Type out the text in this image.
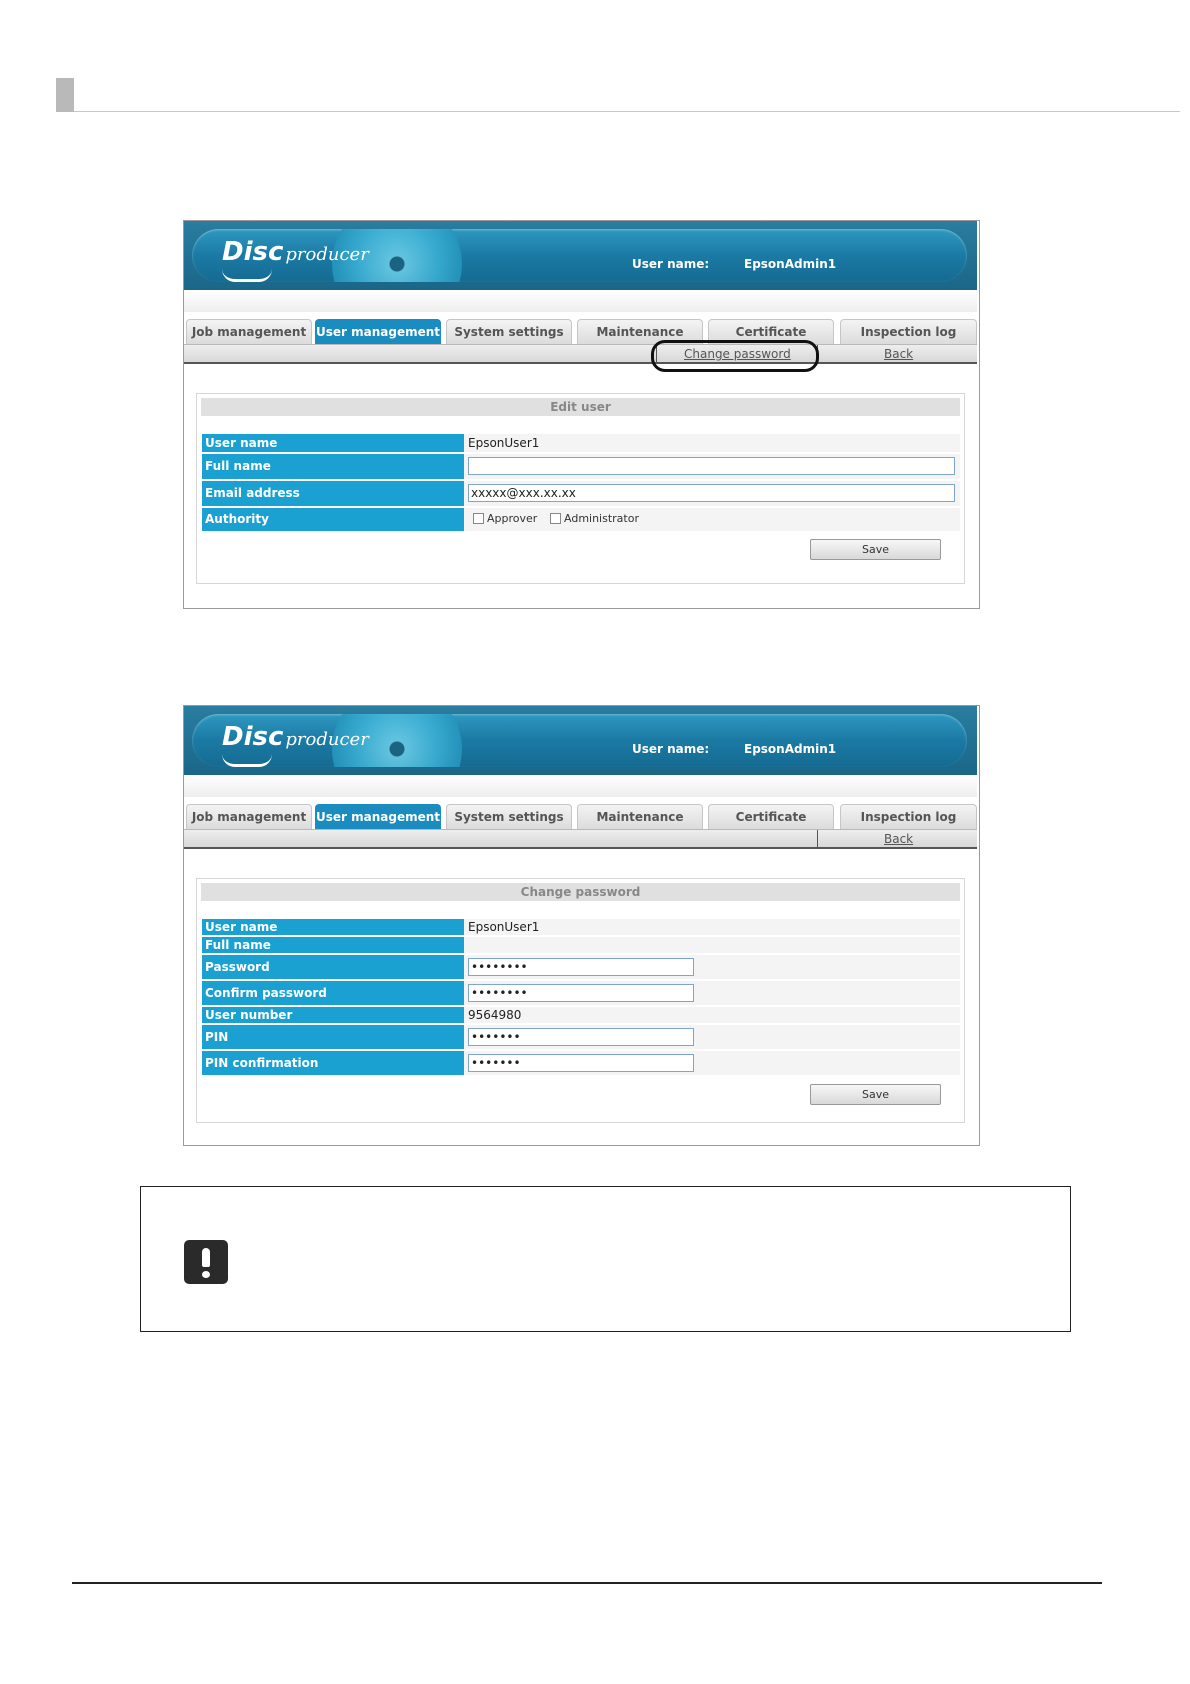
Disc producer	User name:	EpsonAdmin1
Job management User management	System settings	Maintenance	Certificate	Inspection log
Change password	Back
Edit user
User name	EpsonUser1
Full name
Email address	xxxxx@xxx.xx.xx
Authority	Approver Administrator
Save
Disc producer	User name:	EpsonAdmin1
Job management User management	System settings	Maintenance	Certificate	Inspection log
Back
Change password
User name	EpsonUser1
Full name
Password	••••••••
Confirm password	••••••••
User number	9564980
PIN	•••••••
PIN confirmation	•••••••
Save
